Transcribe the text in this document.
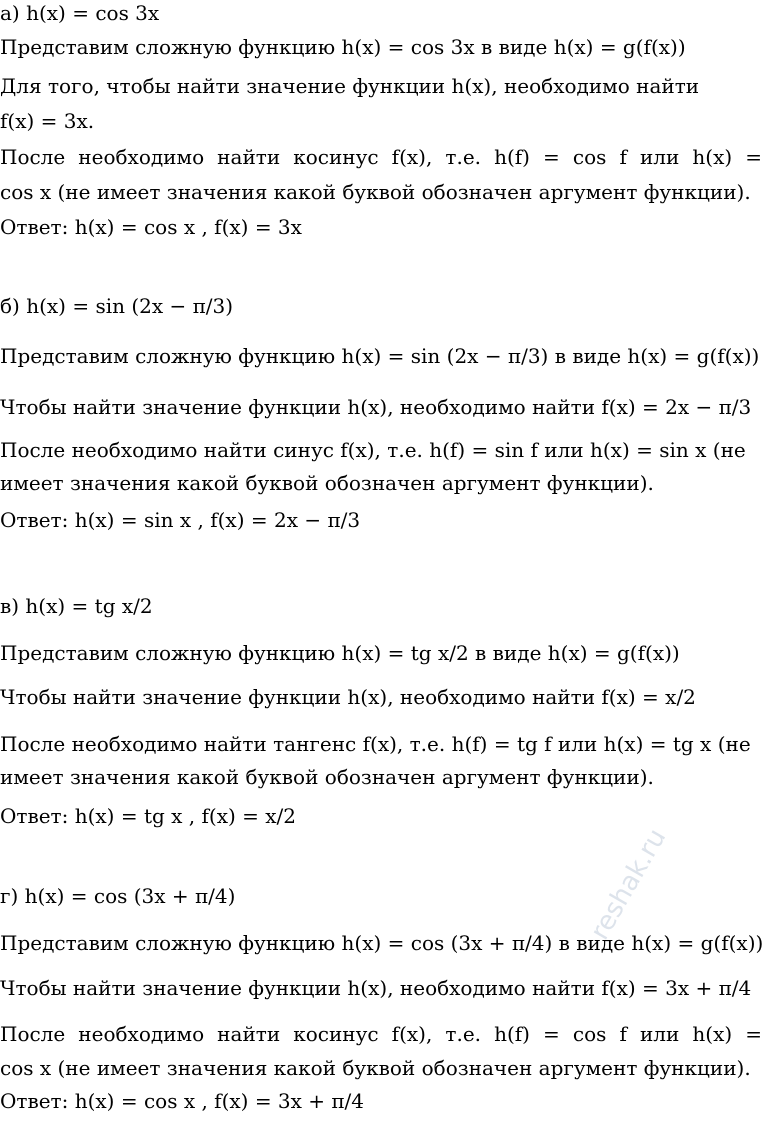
а) h(x) = cos 3x
Представим сложную функцию h(x) = cos 3x в виде h(x) = g(f(x))
Для того, чтобы найти значение функции h(x), необходимо найти
f(x) = 3x.
После необходимо найти косинус f(x), т.е. h(f) = cos f или h(x) =
cos x (не имеет значения какой буквой обозначен аргумент функции).
Ответ: h(x) = cos x , f(x) = 3x
б) h(x) = sin (2x − π/3)
Представим сложную функцию h(x) = sin (2x − π/3) в виде h(x) = g(f(x))
Чтобы найти значение функции h(x), необходимо найти f(x) = 2x − π/3
После необходимо найти синус f(x), т.е. h(f) = sin f или h(x) = sin x (не
имеет значения какой буквой обозначен аргумент функции).
Ответ: h(x) = sin x , f(x) = 2x − π/3
в) h(x) = tg x/2
Представим сложную функцию h(x) = tg x/2 в виде h(x) = g(f(x))
Чтобы найти значение функции h(x), необходимо найти f(x) = x/2
После необходимо найти тангенс f(x), т.е. h(f) = tg f или h(x) = tg x (не
имеет значения какой буквой обозначен аргумент функции).
Ответ: h(x) = tg x , f(x) = x/2
г) h(x) = cos (3x + π/4)
Представим сложную функцию h(x) = cos (3x + π/4) в виде h(x) = g(f(x))
Чтобы найти значение функции h(x), необходимо найти f(x) = 3x + π/4
После необходимо найти косинус f(x), т.е. h(f) = cos f или h(x) =
cos x (не имеет значения какой буквой обозначен аргумент функции).
Ответ: h(x) = cos x , f(x) = 3x + π/4
reshak.ru
